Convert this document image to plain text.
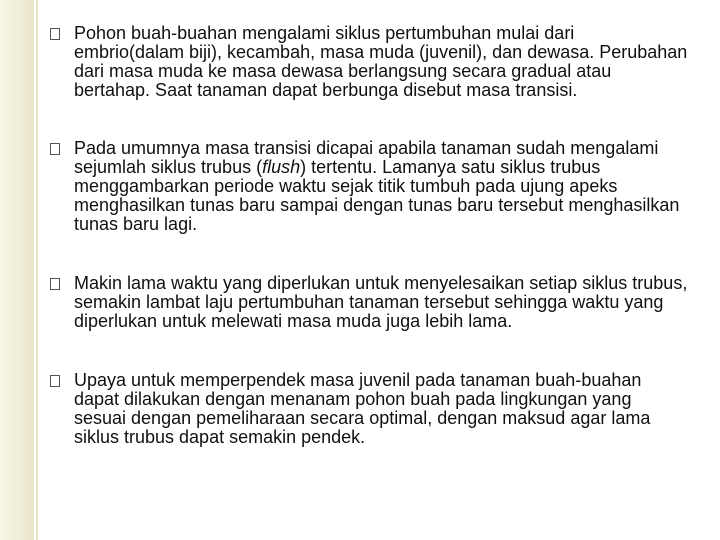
Pohon buah-buahan mengalami siklus pertumbuhan mulai dari embrio(dalam biji), kecambah, masa muda (juvenil), dan dewasa. Perubahan dari masa muda ke masa dewasa berlangsung secara gradual atau bertahap. Saat tanaman dapat berbunga disebut masa transisi.
Pada umumnya masa transisi dicapai apabila tanaman sudah mengalami sejumlah siklus trubus (flush) tertentu. Lamanya satu siklus trubus menggambarkan periode waktu sejak titik tumbuh pada ujung apeks menghasilkan tunas baru sampai dengan tunas baru tersebut menghasilkan tunas baru lagi.
Makin lama waktu yang diperlukan untuk menyelesaikan setiap siklus trubus, semakin lambat laju pertumbuhan tanaman tersebut sehingga waktu yang diperlukan untuk melewati masa muda juga lebih lama.
Upaya untuk memperpendek masa juvenil pada tanaman buah-buahan dapat dilakukan dengan menanam pohon buah pada lingkungan yang sesuai dengan pemeliharaan secara optimal, dengan maksud agar lama siklus trubus dapat semakin pendek.
